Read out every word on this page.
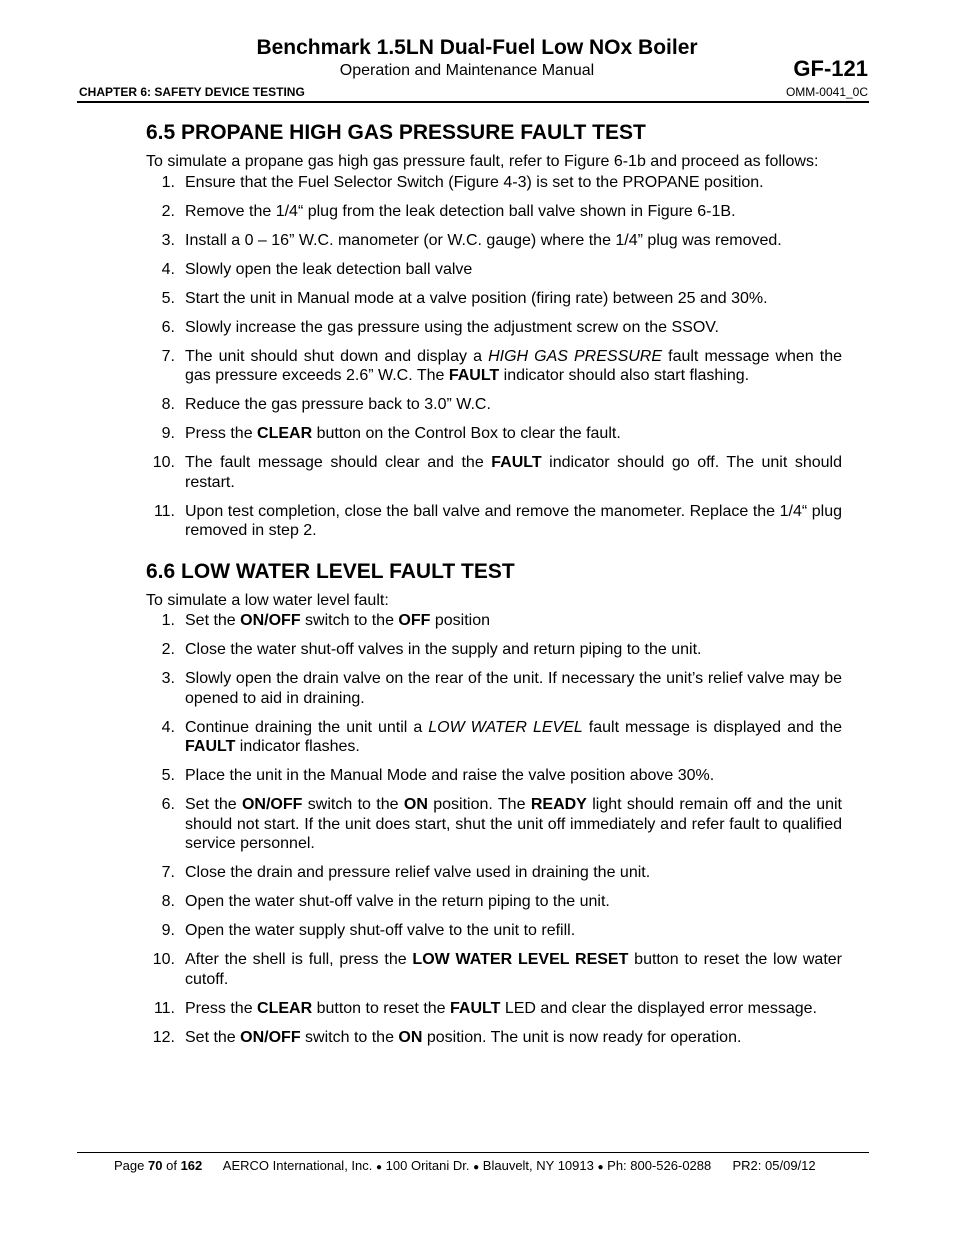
Benchmark 1.5LN Dual-Fuel Low NOx Boiler
Operation and Maintenance Manual	GF-121
CHAPTER 6: SAFETY DEVICE TESTING	OMM-0041_0C
6.5 PROPANE HIGH GAS PRESSURE FAULT TEST

To simulate a propane gas high gas pressure fault, refer to Figure 6-1b and proceed as follows:

1. Ensure that the Fuel Selector Switch (Figure 4-3) is set to the PROPANE position.
2. Remove the 1/4“ plug from the leak detection ball valve shown in Figure 6-1B.
3. Install a 0 – 16” W.C. manometer (or W.C. gauge) where the 1/4” plug was removed.
4. Slowly open the leak detection ball valve
5. Start the unit in Manual mode at a valve position (firing rate) between 25 and 30%.
6. Slowly increase the gas pressure using the adjustment screw on the SSOV.
7. The unit should shut down and display a HIGH GAS PRESSURE fault message when the gas pressure exceeds 2.6” W.C. The FAULT indicator should also start flashing.
8. Reduce the gas pressure back to 3.0” W.C.
9. Press the CLEAR button on the Control Box to clear the fault.
10. The fault message should clear and the FAULT indicator should go off. The unit should restart.
11. Upon test completion, close the ball valve and remove the manometer. Replace the 1/4“ plug removed in step 2.
6.6 LOW WATER LEVEL FAULT TEST

To simulate a low water level fault:

1. Set the ON/OFF switch to the OFF position
2. Close the water shut-off valves in the supply and return piping to the unit.
3. Slowly open the drain valve on the rear of the unit. If necessary the unit’s relief valve may be opened to aid in draining.
4. Continue draining the unit until a LOW WATER LEVEL fault message is displayed and the FAULT indicator flashes.
5. Place the unit in the Manual Mode and raise the valve position above 30%.
6. Set the ON/OFF switch to the ON position. The READY light should remain off and the unit should not start. If the unit does start, shut the unit off immediately and refer fault to qualified service personnel.
7. Close the drain and pressure relief valve used in draining the unit.
8. Open the water shut-off valve in the return piping to the unit.
9. Open the water supply shut-off valve to the unit to refill.
10. After the shell is full, press the LOW WATER LEVEL RESET button to reset the low water cutoff.
11. Press the CLEAR button to reset the FAULT LED and clear the displayed error message.
12. Set the ON/OFF switch to the ON position. The unit is now ready for operation.
Page 70 of 162 AERCO International, Inc. ● 100 Oritani Dr. ● Blauvelt, NY 10913 ● Ph: 800-526-0288 PR2: 05/09/12
